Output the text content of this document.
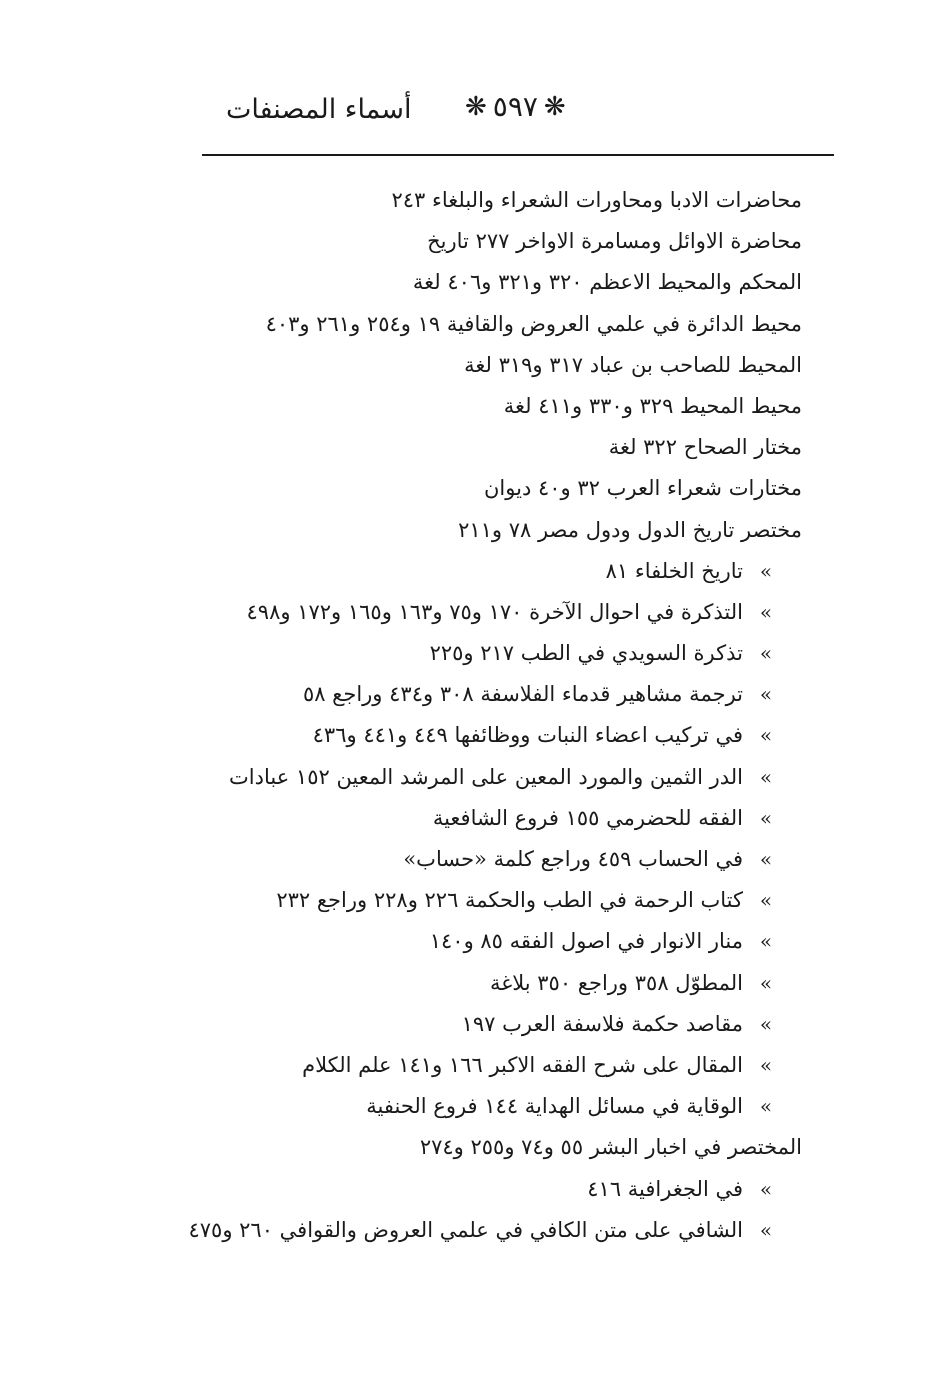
❋ ٥٩٧ ❋
أسماء المصنفات
محاضرات الادبا ومحاورات الشعراء والبلغاء ٢٤٣
محاضرة الاوائل ومسامرة الاواخر ٢٧٧ تاريخ
المحكم والمحيط الاعظم ٣٢٠ و٣٢١ و٤٠٦ لغة
محيط الدائرة في علمي العروض والقافية ١٩ و٢٥٤ و٢٦١ و٤٠٣
المحيط للصاحب بن عباد ٣١٧ و٣١٩ لغة
محيط المحيط ٣٢٩ و٣٣٠ و٤١١ لغة
مختار الصحاح ٣٢٢ لغة
مختارات شعراء العرب ٣٢ و٤٠ ديوان
مختصر تاريخ الدول ودول مصر ٧٨ و٢١١
»تاريخ الخلفاء ٨١
»التذكرة في احوال الآخرة ١٧٠ و٧٥ و١٦٣ و١٦٥ و١٧٢ و٤٩٨
»تذكرة السويدي في الطب ٢١٧ و٢٢٥
»ترجمة مشاهير قدماء الفلاسفة ٣٠٨ و٤٣٤ وراجع ٥٨
»في تركيب اعضاء النبات ووظائفها ٤٤٩ و٤٤١ و٤٣٦
»الدر الثمين والمورد المعين على المرشد المعين ١٥٢ عبادات
»الفقه للحضرمي ١٥٥ فروع الشافعية
»في الحساب ٤٥٩ وراجع كلمة «حساب»
»كتاب الرحمة في الطب والحكمة ٢٢٦ و٢٢٨ وراجع ٢٣٢
»منار الانوار في اصول الفقه ٨٥ و١٤٠
»المطوّل ٣٥٨ وراجع ٣٥٠ بلاغة
»مقاصد حكمة فلاسفة العرب ١٩٧
»المقال على شرح الفقه الاكبر ١٦٦ و١٤١ علم الكلام
»الوقاية في مسائل الهداية ١٤٤ فروع الحنفية
المختصر في اخبار البشر ٥٥ و٧٤ و٢٥٥ و٢٧٤
»في الجغرافية ٤١٦
»الشافي على متن الكافي في علمي العروض والقوافي ٢٦٠ و٤٧٥
